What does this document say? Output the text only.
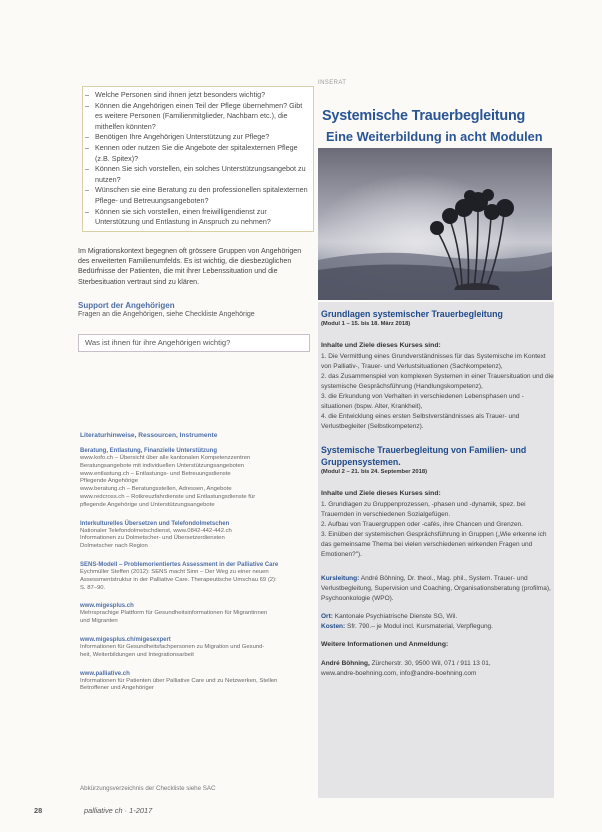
– Welche Personen sind ihnen jetzt besonders wichtig?
– Können die Angehörigen einen Teil der Pflege übernehmen? Gibt es weitere Personen (Familienmitglieder, Nachbarn etc.), die mithelfen könnten?
– Benötigen Ihre Angehörigen Unterstützung zur Pflege?
– Kennen oder nutzen Sie die Angebote der spitalexternen Pflege (z.B. Spitex)?
– Können Sie sich vorstellen, ein solches Unterstützungsangebot zu nutzen?
– Wünschen sie eine Beratung zu den professionellen spitalexternen Pflege- und Betreuungsangeboten?
– Können sie sich vorstellen, einen freiwilligendienst zur Unterstützung und Entlastung in Anspruch zu nehmen?
Im Migrationskontext begegnen oft grössere Gruppen von Angehörigen des erweiterten Familienumfelds. Es ist wichtig, die diesbezüglichen Bedürfnisse der Patienten, die mit ihrer Lebenssituation und die Sterbesituation vertraut sind zu klären.
Support der Angehörigen
Fragen an die Angehörigen, siehe Checkliste Angehörige
Was ist ihnen für ihre Angehörigen wichtig?
Literaturhinweise, Ressourcen, Instrumente
Beratung, Entlastung, Finanzielle Unterstützung
www.kofo.ch – Übersicht über alle kantonalen Kompetenzzentren
Beratungsangebote mit individuellen Unterstützungsangeboten
www.entlastung.ch – Entlastungs- und Betreuungsdienste
Pflegende Angehörige
www.beratung.ch – Beratungsstellen, Adressen, Angebote
www.redcross.ch – Rotkreuzfahrdienste und Entlastungsdienste für
pflegende Angehörige und Unterstützungsangebote
Interkulturelles Übersetzen und Telefondolmetschen
Nationaler Telefondolmetschdienst, www.0842-442-442.ch
Informationen zu Dolmetscher- und Übersetzerdiensten
Dolmetscher nach Region
SENS-Modell – Problemorientiertes Assessment in der Palliative Care
Eychmüller Steffen (2012): SENS macht Sinn – Der Weg zu einer neuen
Assessmentstruktur in der Palliative Care. Therapeutische Umschau 69 (2):
S. 87–90.
www.migesplus.ch
Mehrsprachige Plattform für Gesundheitsinformationen für Migrantinnen
und Migranten
www.migesplus.ch/migesexpert
Informationen für Gesundheitsfachpersonen zu Migration und Gesund-
heit, Weiterbildungen und Integrationsarbeit
www.palliative.ch
Informationen für Patienten über Palliative Care und zu Netzwerken, Stellen
Betroffener und Angehöriger
Abkürzungsverzeichnis der Checkliste siehe SAC
28	palliative ch · 1-2017
INSERAT
Systemische Trauerbegleitung
Eine Weiterbildung in acht Modulen
Grundlagen systemischer Trauerbegleitung
(Modul 1 – 15. bis 18. März 2018)
Inhalte und Ziele dieses Kurses sind:
1. Die Vermittlung eines Grundverständnisses für das Systemische im Kontext von Palliativ-, Trauer- und Verlustsituationen (Sachkompetenz),
2. das Zusammenspiel von komplexen Systemen in einer Trauersituation und die systemische Gesprächsführung (Handlungskompetenz),
3. die Erkundung von Verhalten in verschiedenen Lebensphasen und -situationen (bspw. Alter, Krankheit),
4. die Entwicklung eines ersten Selbstverständnisses als Trauer- und Verlustbegleiter (Selbstkompetenz).
Systemische Trauerbegleitung von Familien- und Gruppensystemen.
(Modul 2 – 21. bis 24. September 2018)
Inhalte und Ziele dieses Kurses sind:
1. Grundlagen zu Gruppenprozessen, -phasen und -dynamik, spez. bei Trauernden in verschiedenen Sozialgefügen.
2. Aufbau von Trauergruppen oder -cafés, ihre Chancen und Grenzen.
3. Einüben der systemischen Gesprächsführung in Gruppen („Wie erkenne ich das gemeinsame Thema bei vielen verschiedenen wirkenden Fragen und Emotionen?").
Kursleitung: André Böhning, Dr. theol., Mag. phil., System. Trauer- und Verlustbegleitung, Supervision und Coaching, Organisationsberatung (profilma), Psychoonkologie (WPO).
Ort: Kantonale Psychiatrische Dienste SG, Wil.
Kosten: Sfr. 790.– je Modul incl. Kursmaterial, Verpflegung.
Weitere Informationen und Anmeldung:
André Böhning, Zürcherstr. 30, 9500 Wil, 071 / 911 13 01,
www.andre-boehning.com, info@andre-boehning.com
